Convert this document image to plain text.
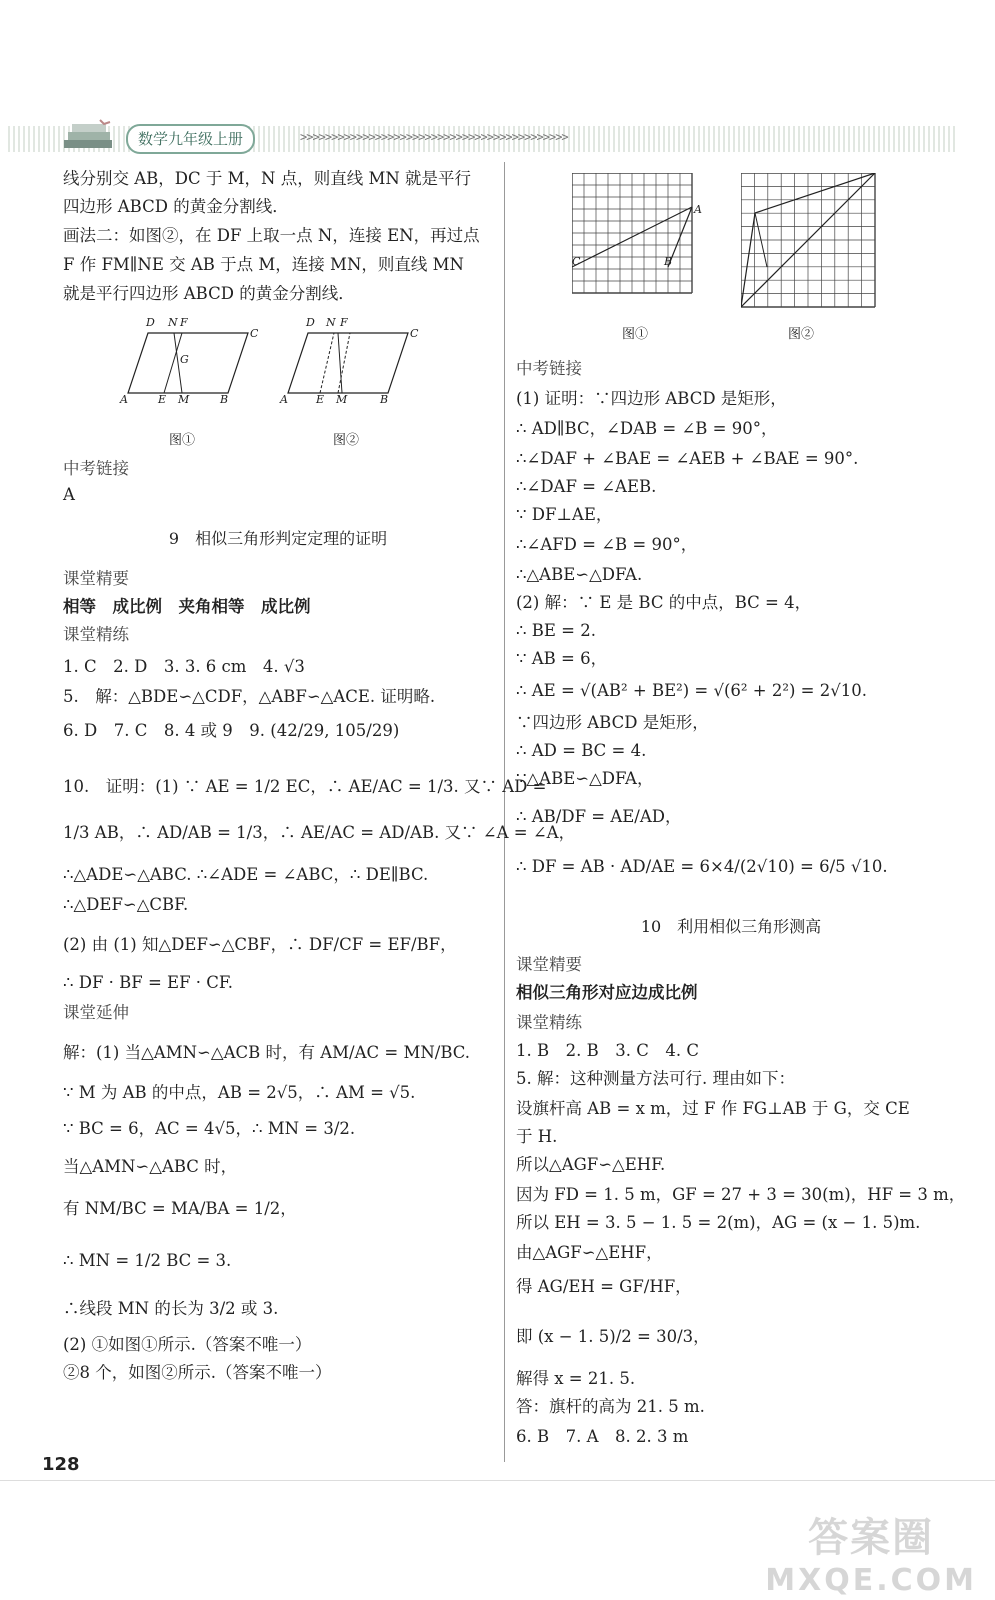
数学九年级上册	>>>>>>>>>>>>>>>>>>>>>>>>>>>>>>>>>>>>>>>>>>>
线分别交 AB，DC 于 M，N 点，则直线 MN 就是平行
四边形 ABCD 的黄金分割线．
画法二：如图②，在 DF 上取一点 N，连接 EN，再过点
F 作 FM∥NE 交 AB 于点 M，连接 MN，则直线 MN
就是平行四边形 ABCD 的黄金分割线．
D N F
C
G
A	E M	B
D N F
C
A	E M	B
图①	图②
中考链接
A
9　相似三角形判定定理的证明
课堂精要
相等　成比例　夹角相等　成比例
课堂精练
1. C　2. D　3. 3. 6 cm　4. √3
5.　解：△BDE∽△CDF，△ABF∽△ACE. 证明略.
6. D　7. C　8. 4 或 9　9. (42/29, 105/29)
10.　证明：(1) ∵ AE = 1/2 EC，∴ AE/AC = 1/3. 又∵ AD =
1/3 AB，∴ AD/AB = 1/3，∴ AE/AC = AD/AB. 又∵ ∠A = ∠A，
∴△ADE∽△ABC. ∴∠ADE = ∠ABC，∴ DE∥BC.
∴△DEF∽△CBF.
(2) 由 (1) 知△DEF∽△CBF，∴ DF/CF = EF/BF，
∴ DF · BF = EF · CF.
课堂延伸
解：(1) 当△AMN∽△ACB 时，有 AM/AC = MN/BC.
∵ M 为 AB 的中点，AB = 2√5，∴ AM = √5.
∵ BC = 6，AC = 4√5，∴ MN = 3/2.
当△AMN∽△ABC 时，
有 NM/BC = MA/BA = 1/2，
∴ MN = 1/2 BC = 3.
∴线段 MN 的长为 3/2 或 3.
(2) ①如图①所示.（答案不唯一）
②8 个，如图②所示.（答案不唯一）
C
A
B
图①	图②
中考链接
(1) 证明：∵四边形 ABCD 是矩形，
∴ AD∥BC，∠DAB = ∠B = 90°，
∴∠DAF + ∠BAE = ∠AEB + ∠BAE = 90°.
∴∠DAF = ∠AEB.
∵ DF⊥AE，
∴∠AFD = ∠B = 90°，
∴△ABE∽△DFA.
(2) 解：∵ E 是 BC 的中点，BC = 4，
∴ BE = 2.
∵ AB = 6，
∴ AE = √(AB² + BE²) = √(6² + 2²) = 2√10.
∵四边形 ABCD 是矩形，
∴ AD = BC = 4.
∵△ABE∽△DFA，
∴ AB/DF = AE/AD，
∴ DF = AB · AD/AE = 6×4/(2√10) = 6/5 √10.
10　利用相似三角形测高
课堂精要
相似三角形对应边成比例
课堂精练
1. B　2. B　3. C　4. C
5. 解：这种测量方法可行. 理由如下：
设旗杆高 AB = x m，过 F 作 FG⊥AB 于 G，交 CE
于 H.
所以△AGF∽△EHF.
因为 FD = 1. 5 m，GF = 27 + 3 = 30(m)，HF = 3 m，
所以 EH = 3. 5 − 1. 5 = 2(m)，AG = (x − 1. 5)m.
由△AGF∽△EHF，
得 AG/EH = GF/HF，
即 (x − 1. 5)/2 = 30/3，
解得 x = 21. 5.
答：旗杆的高为 21. 5 m.
6. B　7. A　8. 2. 3 m
128
答案圈
MXQE.COM
